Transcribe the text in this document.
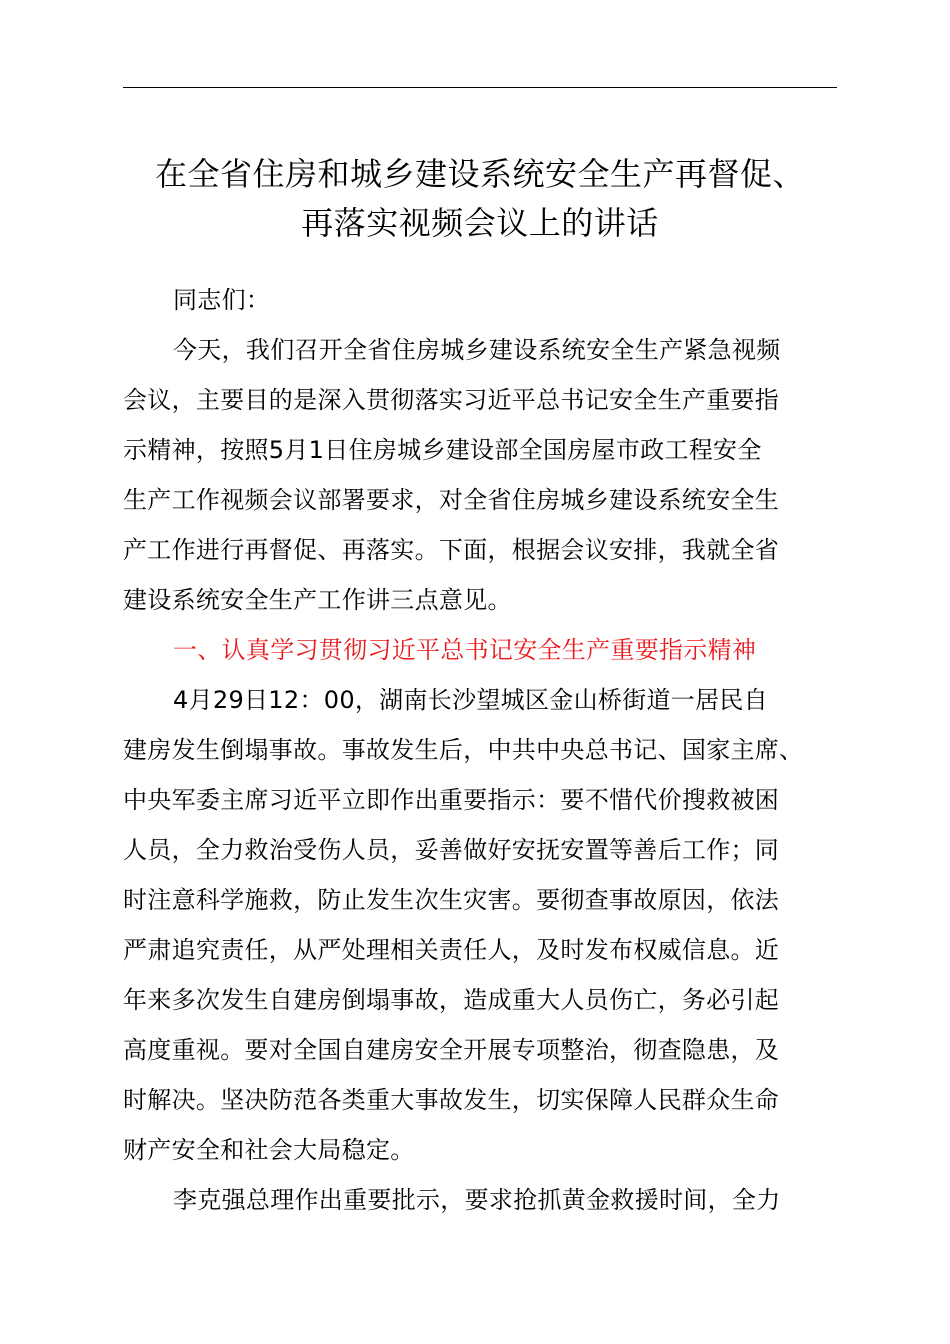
在全省住房和城乡建设系统安全生产再督促、
再落实视频会议上的讲话
同志们：
今天，我们召开全省住房城乡建设系统安全生产紧急视频
会议，主要目的是深入贯彻落实习近平总书记安全生产重要指
示精神，按照5月1日住房城乡建设部全国房屋市政工程安全
生产工作视频会议部署要求，对全省住房城乡建设系统安全生
产工作进行再督促、再落实。下面，根据会议安排，我就全省
建设系统安全生产工作讲三点意见。
一、认真学习贯彻习近平总书记安全生产重要指示精神
4月29日12：00，湖南长沙望城区金山桥街道一居民自
建房发生倒塌事故。事故发生后，中共中央总书记、国家主席、
中央军委主席习近平立即作出重要指示：要不惜代价搜救被困
人员，全力救治受伤人员，妥善做好安抚安置等善后工作；同
时注意科学施救，防止发生次生灾害。要彻查事故原因，依法
严肃追究责任，从严处理相关责任人，及时发布权威信息。近
年来多次发生自建房倒塌事故，造成重大人员伤亡，务必引起
高度重视。要对全国自建房安全开展专项整治，彻查隐患，及
时解决。坚决防范各类重大事故发生，切实保障人民群众生命
财产安全和社会大局稳定。
李克强总理作出重要批示，要求抢抓黄金救援时间，全力
